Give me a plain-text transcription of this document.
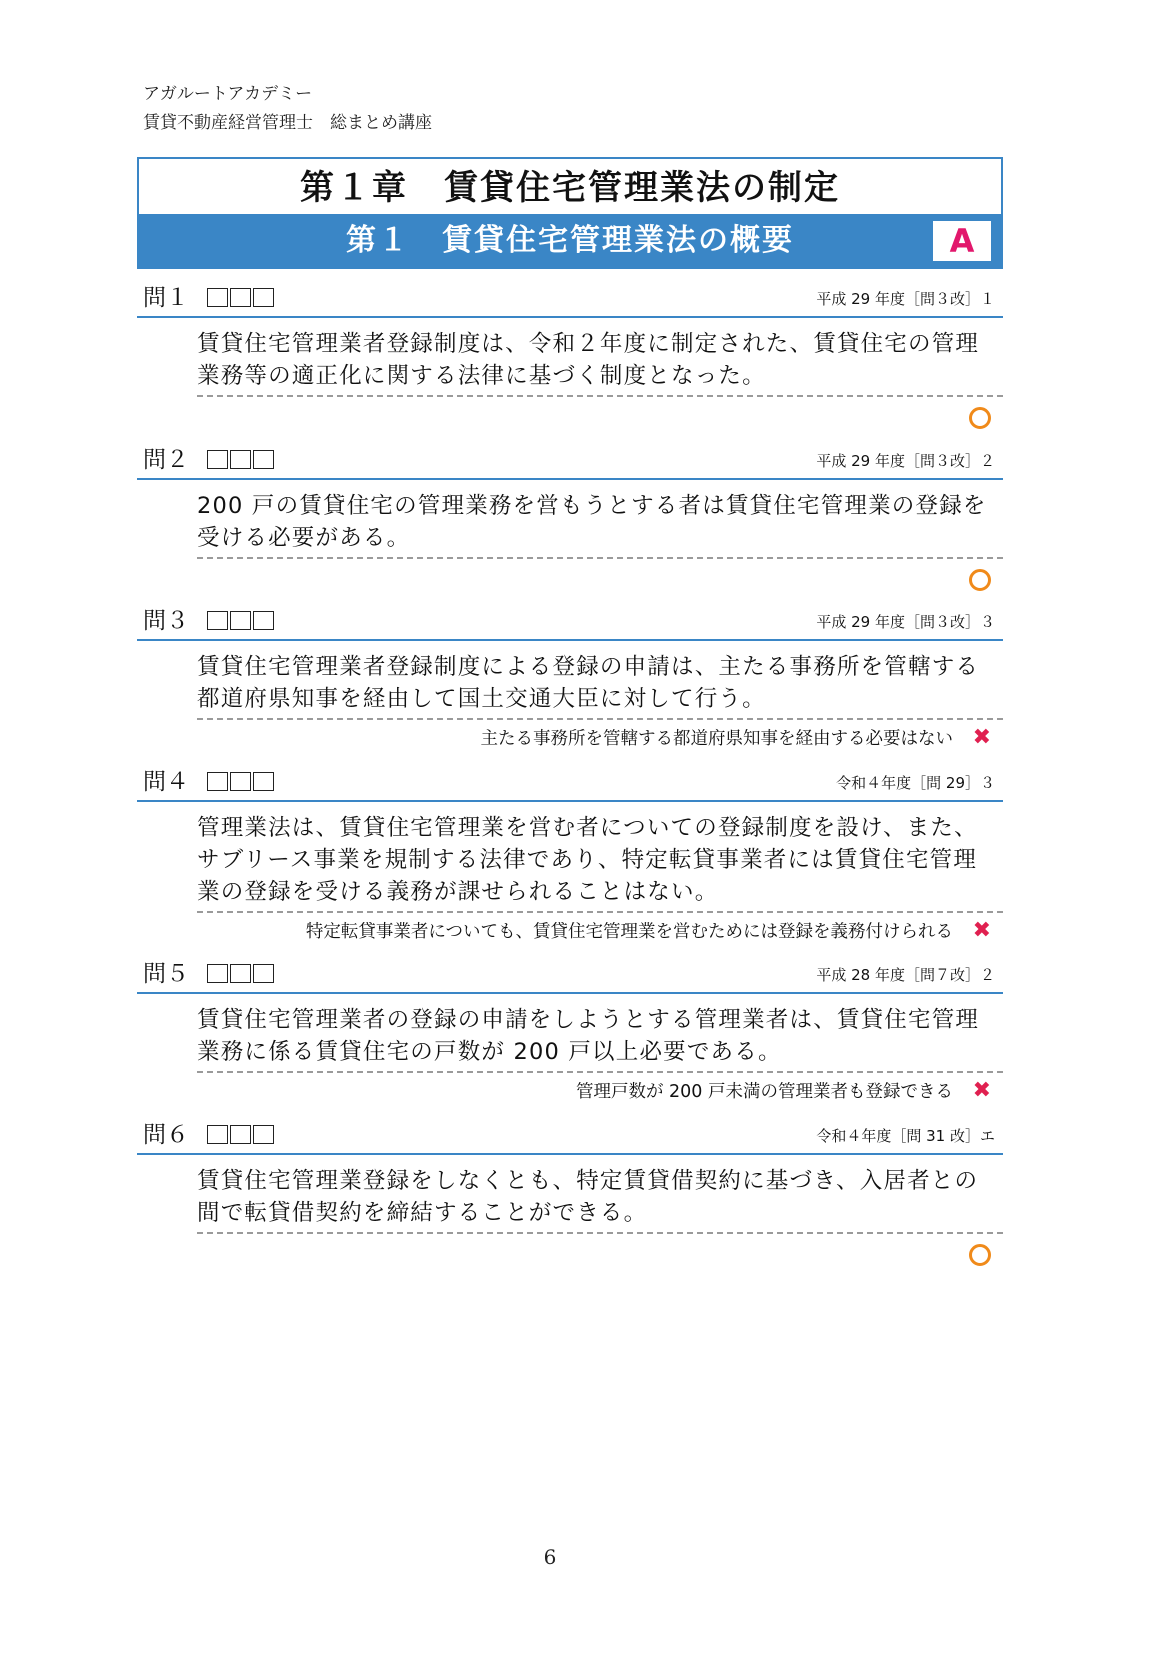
アガルートアカデミー
賃貸不動産経営管理士　総まとめ講座
第１章　賃貸住宅管理業法の制定
第１　賃貸住宅管理業法の概要	A
問１	平成 29 年度［問３改］１
賃貸住宅管理業者登録制度は、令和２年度に制定された、賃貸住宅の管理
業務等の適正化に関する法律に基づく制度となった。
問２	平成 29 年度［問３改］２
200 戸の賃貸住宅の管理業務を営もうとする者は賃貸住宅管理業の登録を
受ける必要がある。
問３	平成 29 年度［問３改］３
賃貸住宅管理業者登録制度による登録の申請は、主たる事務所を管轄する
都道府県知事を経由して国土交通大臣に対して行う。
主たる事務所を管轄する都道府県知事を経由する必要はない ✖
問４	令和４年度［問 29］３
管理業法は、賃貸住宅管理業を営む者についての登録制度を設け、また、
サブリース事業を規制する法律であり、特定転貸事業者には賃貸住宅管理
業の登録を受ける義務が課せられることはない。
特定転貸事業者についても、賃貸住宅管理業を営むためには登録を義務付けられる ✖
問５	平成 28 年度［問７改］２
賃貸住宅管理業者の登録の申請をしようとする管理業者は、賃貸住宅管理
業務に係る賃貸住宅の戸数が 200 戸以上必要である。
管理戸数が 200 戸未満の管理業者も登録できる ✖
問６	令和４年度［問 31 改］エ
賃貸住宅管理業登録をしなくとも、特定賃貸借契約に基づき、入居者との
間で転貸借契約を締結することができる。
6
